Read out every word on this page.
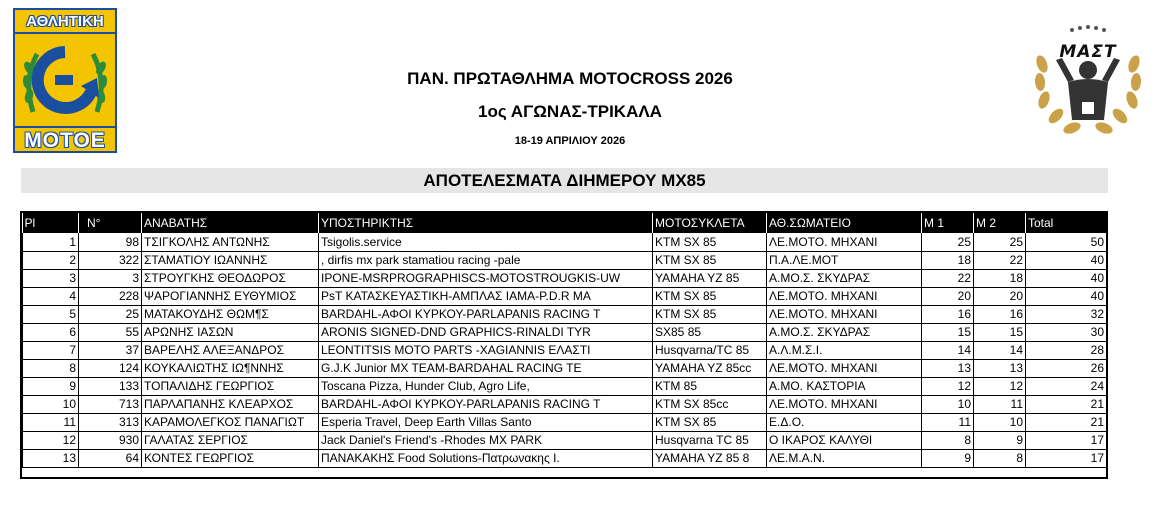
ΑΘΛΗΤΙΚΗ
MOTOE
ΜΑΣΤ
ΠΑΝ. ΠΡΩΤΑΘΛΗΜΑ MOTOCROSS 2026
1ος ΑΓΩΝΑΣ-ΤΡΙΚΑΛΑ
18-19 ΑΠΡΙΛΙΟΥ 2026
ΑΠΟΤΕΛΕΣΜΑΤΑ ΔΙΗΜΕΡΟΥ MX85
Pl	N°	ΑΝΑΒΑΤΗΣ	ΥΠΟΣΤΗΡΙΚΤΗΣ	ΜΟΤΟΣΥΚΛΕΤΑ	ΑΘ.ΣΩΜΑΤΕΙΟ	M 1	M 2	Total
1	98	ΤΣΙΓΚΟΛΗΣ ΑΝΤΩΝΗΣ	Tsigolis.service	KTM SX 85	ΛΕ.ΜΟΤΟ. ΜΗΧΑΝΙ	25	25	50
2	322	ΣΤΑΜΑΤΙΟΥ ΙΩΑΝΝΗΣ	, dirfis mx park stamatiou racing -pale	KTM SX 85	Π.Α.ΛΕ.ΜΟΤ	18	22	40
3	3	ΣΤΡΟΥΓΚΗΣ ΘΕΟΔΩΡΟΣ	IPONE-MSRPROGRAPHISCS-MOTOSTROUGKIS-UW	YAMAHA YZ 85	Α.ΜΟ.Σ. ΣΚΥΔΡΑΣ	22	18	40
4	228	ΨΑΡΟΓΙΑΝΝΗΣ ΕΥΘΥΜΙΟΣ	PsT ΚΑΤΑΣΚΕΥΑΣΤΙΚΗ-ΑΜΠΛΑΣ ΙΑΜΑ-P.D.R MA	KTM SX 85	ΛΕ.ΜΟΤΟ. ΜΗΧΑΝΙ	20	20	40
5	25	ΜΑΤΑΚΟΥΔΗΣ ΘΩΜ¶Σ	BARDAHL-ΑΦΟΙ ΚΥΡΚΟΥ-PARLAPANIS RACING T	KTM SX 85	ΛΕ.ΜΟΤΟ. ΜΗΧΑΝΙ	16	16	32
6	55	ΑΡΩΝΗΣ ΙΑΣΩΝ	ARONIS SIGNED-DND GRAPHICS-RINALDI TYR	SX85 85	Α.ΜΟ.Σ. ΣΚΥΔΡΑΣ	15	15	30
7	37	ΒΑΡΕΛΗΣ ΑΛΕΞΑΝΔΡΟΣ	LEONTITSIS MOTO PARTS -XAGIANNIS ΕΛΑΣΤΙ	Husqvarna/TC 85	Α.Λ.Μ.Σ.Ι.	14	14	28
8	124	ΚΟΥΚΑΛΙΩΤΗΣ ΙΩ¶ΝΝΗΣ	G.J.K Junior MX TEAM-BARDAHAL RACING TE	YAMAHA YZ 85cc	ΛΕ.ΜΟΤΟ. ΜΗΧΑΝΙ	13	13	26
9	133	ΤΟΠΑΛΙΔΗΣ ΓΕΩΡΓΙΟΣ	Toscana Pizza, Hunder Club, Agro Life,	KTM 85	Α.ΜΟ. ΚΑΣΤΟΡΙΑ	12	12	24
10	713	ΠΑΡΛΑΠΑΝΗΣ ΚΛΕΑΡΧΟΣ	BARDAHL-ΑΦΟΙ ΚΥΡΚΟΥ-PARLAPANIS RACING T	KTM SX 85cc	ΛΕ.ΜΟΤΟ. ΜΗΧΑΝΙ	10	11	21
11	313	ΚΑΡΑΜΟΛΕΓΚΟΣ ΠΑΝΑΓΙΩΤ	Esperia Travel, Deep Earth Villas Santo	KTM SX 85	Ε.Δ.Ο.	11	10	21
12	930	ΓΑΛΑΤΑΣ ΣΕΡΓΙΟΣ	Jack Daniel's Friend's -Rhodes MX PARK	Husqvarna TC 85	Ο ΙΚΑΡΟΣ ΚΑΛΥΘΙ	8	9	17
13	64	ΚΟΝΤΕΣ ΓΕΩΡΓΙΟΣ	ΠΑΝΑΚΑΚΗΣ Food Solutions-Πατρωνακης Ι.	YAMAHA YZ 85 8	ΛΕ.Μ.Α.Ν.	9	8	17
